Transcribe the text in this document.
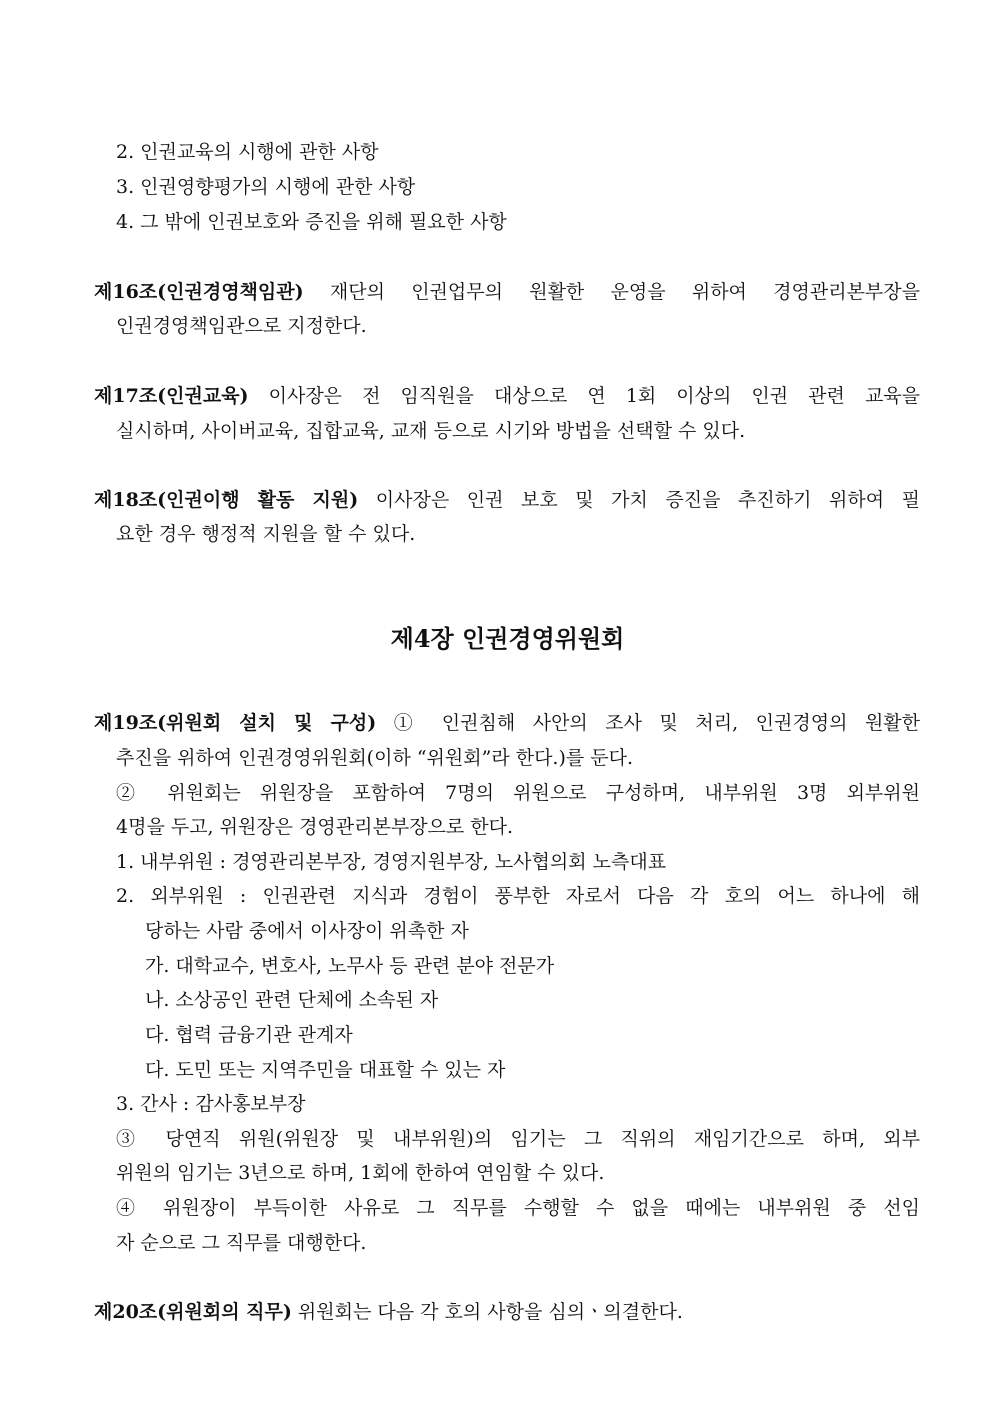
2. 인권교육의 시행에 관한 사항
3. 인권영향평가의 시행에 관한 사항
4. 그 밖에 인권보호와 증진을 위해 필요한 사항
제16조(인권경영책임관) 재단의 인권업무의 원활한 운영을 위하여 경영관리본부장을
인권경영책임관으로 지정한다.
제17조(인권교육) 이사장은 전 임직원을 대상으로 연 1회 이상의 인권 관련 교육을
실시하며, 사이버교육, 집합교육, 교재 등으로 시기와 방법을 선택할 수 있다.
제18조(인권이행 활동 지원) 이사장은 인권 보호 및 가치 증진을 추진하기 위하여 필
요한 경우 행정적 지원을 할 수 있다.
제4장 인권경영위원회
제19조(위원회 설치 및 구성) ① 인권침해 사안의 조사 및 처리, 인권경영의 원활한
추진을 위하여 인권경영위원회(이하 “위원회”라 한다.)를 둔다.
② 위원회는 위원장을 포함하여 7명의 위원으로 구성하며, 내부위원 3명 외부위원
4명을 두고, 위원장은 경영관리본부장으로 한다.
1. 내부위원 : 경영관리본부장, 경영지원부장, 노사협의회 노측대표
2. 외부위원 : 인권관련 지식과 경험이 풍부한 자로서 다음 각 호의 어느 하나에 해
당하는 사람 중에서 이사장이 위촉한 자
가. 대학교수, 변호사, 노무사 등 관련 분야 전문가
나. 소상공인 관련 단체에 소속된 자
다. 협력 금융기관 관계자
다. 도민 또는 지역주민을 대표할 수 있는 자
3. 간사 : 감사홍보부장
③ 당연직 위원(위원장 및 내부위원)의 임기는 그 직위의 재임기간으로 하며, 외부
위원의 임기는 3년으로 하며, 1회에 한하여 연임할 수 있다.
④ 위원장이 부득이한 사유로 그 직무를 수행할 수 없을 때에는 내부위원 중 선임
자 순으로 그 직무를 대행한다.
제20조(위원회의 직무) 위원회는 다음 각 호의 사항을 심의ㆍ의결한다.
